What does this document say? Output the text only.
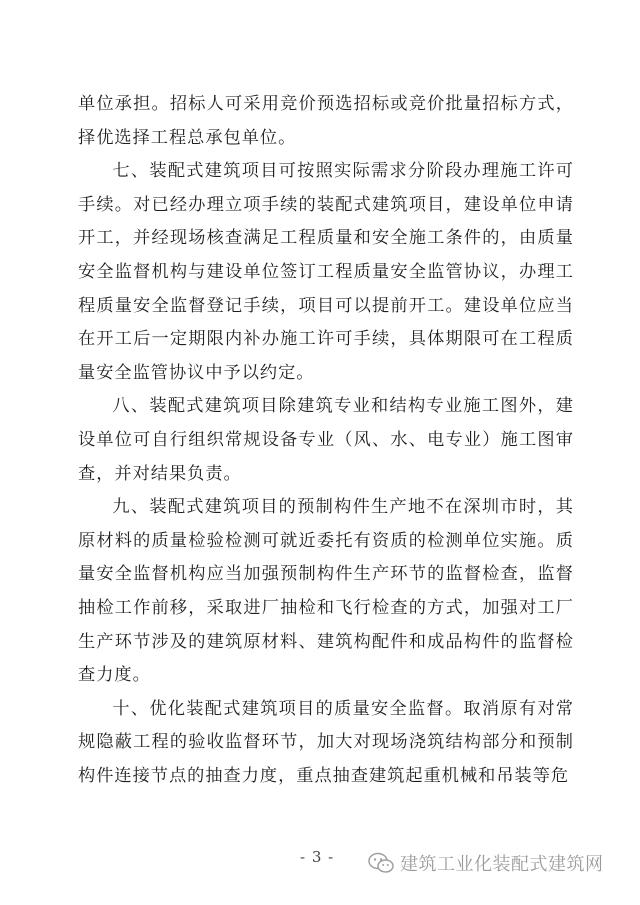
单位承担。招标人可采用竞价预选招标或竞价批量招标方式，择优选择工程总承包单位。

七、装配式建筑项目可按照实际需求分阶段办理施工许可手续。对已经办理立项手续的装配式建筑项目，建设单位申请开工，并经现场核查满足工程质量和安全施工条件的，由质量安全监督机构与建设单位签订工程质量安全监管协议，办理工程质量安全监督登记手续，项目可以提前开工。建设单位应当在开工后一定期限内补办施工许可手续，具体期限可在工程质量安全监管协议中予以约定。

八、装配式建筑项目除建筑专业和结构专业施工图外，建设单位可自行组织常规设备专业（风、水、电专业）施工图审查，并对结果负责。

九、装配式建筑项目的预制构件生产地不在深圳市时，其原材料的质量检验检测可就近委托有资质的检测单位实施。质量安全监督机构应当加强预制构件生产环节的监督检查，监督抽检工作前移，采取进厂抽检和飞行检查的方式，加强对工厂生产环节涉及的建筑原材料、建筑构配件和成品构件的监督检查力度。

十、优化装配式建筑项目的质量安全监督。取消原有对常规隐蔽工程的验收监督环节，加大对现场浇筑结构部分和预制构件连接节点的抽查力度，重点抽查建筑起重机械和吊装等危

- 3 -	建筑工业化装配式建筑网
